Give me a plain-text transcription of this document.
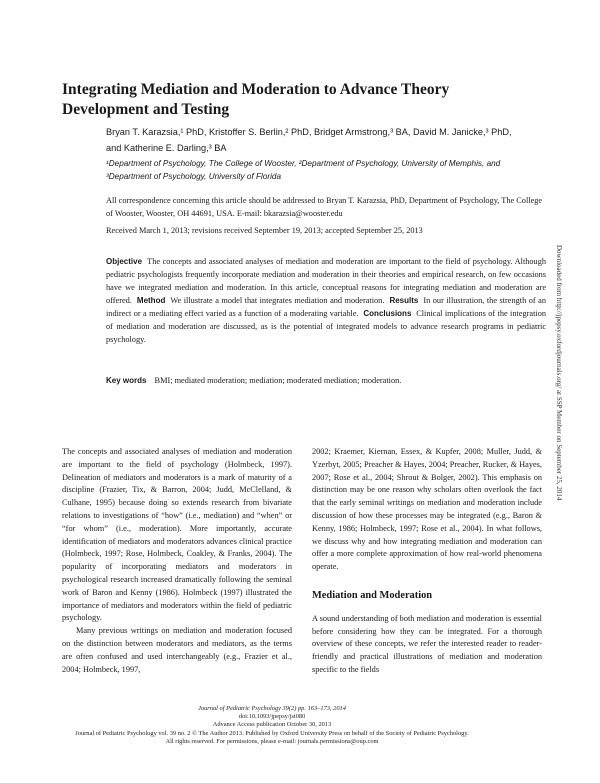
Integrating Mediation and Moderation to Advance Theory Development and Testing
Bryan T. Karazsia,¹ PhD, Kristoffer S. Berlin,² PhD, Bridget Armstrong,³ BA, David M. Janicke,³ PhD,
and Katherine E. Darling,³ BA
¹Department of Psychology, The College of Wooster, ²Department of Psychology, University of Memphis, and
³Department of Psychology, University of Florida
All correspondence concerning this article should be addressed to Bryan T. Karazsia, PhD, Department of Psychology, The College of Wooster, Wooster, OH 44691, USA. E-mail: bkarazsia@wooster.edu
Received March 1, 2013; revisions received September 19, 2013; accepted September 25, 2013
Objective The concepts and associated analyses of mediation and moderation are important to the field of psychology. Although pediatric psychologists frequently incorporate mediation and moderation in their theories and empirical research, on few occasions have we integrated mediation and moderation. In this article, conceptual reasons for integrating mediation and moderation are offered. Method We illustrate a model that integrates mediation and moderation. Results In our illustration, the strength of an indirect or a mediating effect varied as a function of a moderating variable. Conclusions Clinical implications of the integration of mediation and moderation are discussed, as is the potential of integrated models to advance research programs in pediatric psychology.
Key words BMI; mediated moderation; mediation; moderated mediation; moderation.

The concepts and associated analyses of mediation and moderation are important to the field of psychology (Holmbeck, 1997). Delineation of mediators and moderators is a mark of maturity of a discipline (Frazier, Tix, & Barron, 2004; Judd, McClelland, & Culhane, 1995) because doing so extends research from bivariate relations to investigations of “how” (i.e., mediation) and “when” or “for whom” (i.e., moderation). More importantly, accurate identification of mediators and moderators advances clinical practice (Holmbeck, 1997; Rose, Holmbeck, Coakley, & Franks, 2004). The popularity of incorporating mediators and moderators in psychological research increased dramatically following the seminal work of Baron and Kenny (1986). Holmbeck (1997) illustrated the importance of mediators and moderators within the field of pediatric psychology.

Many previous writings on mediation and moderation focused on the distinction between moderators and mediators, as the terms are often confused and used interchangeably (e.g., Frazier et al., 2004; Holmbeck, 1997,

2002; Kraemer, Kiernan, Essex, & Kupfer, 2008; Muller, Judd, & Yzerbyt, 2005; Preacher & Hayes, 2004; Preacher, Rucker, & Hayes, 2007; Rose et al., 2004; Shrout & Bolger, 2002). This emphasis on distinction may be one reason why scholars often overlook the fact that the early seminal writings on mediation and moderation include discussion of how these processes may be integrated (e.g., Baron & Kenny, 1986; Holmbeck, 1997; Rose et al., 2004). In what follows, we discuss why and how integrating mediation and moderation can offer a more complete approximation of how real-world phenomena operate.

Mediation and Moderation

A sound understanding of both mediation and moderation is essential before considering how they can be integrated. For a thorough overview of these concepts, we refer the interested reader to reader-friendly and practical illustrations of mediation and moderation specific to the fields

Downloaded from http://jpepsy.oxfordjournals.org/ at SSP Member on September 25, 2014
Journal of Pediatric Psychology 39(2) pp. 163–173, 2014
doi:10.1093/jpepsy/jst080
Advance Access publication October 30, 2013
Journal of Pediatric Psychology vol. 39 no. 2 © The Author 2013. Published by Oxford University Press on behalf of the Society of Pediatric Psychology.
All rights reserved. For permissions, please e-mail: journals.permissions@oup.com
